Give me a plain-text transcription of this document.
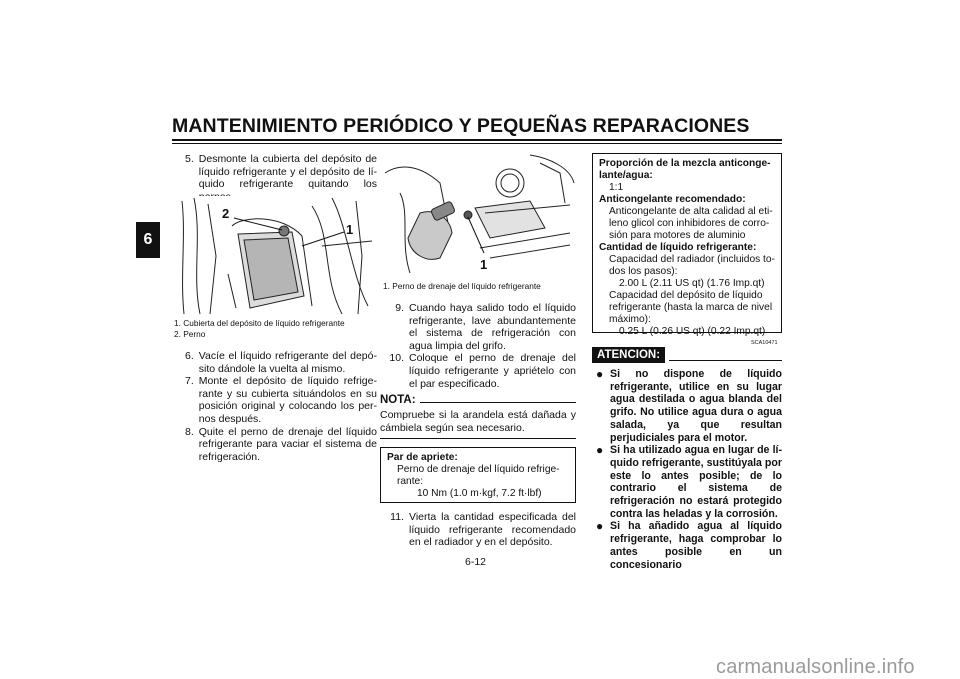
MANTENIMIENTO PERIÓDICO Y PEQUEÑAS REPARACIONES
6
5. Desmonte la cubierta del depósito de líquido refrigerante y el depósito de líquido refrigerante quitando los
2
1
1. Cubierta del depósito de líquido refrigerante
2. Perno
6. Vacíe el líquido refrigerante del depósito dándole la vuelta al mismo.
7. Monte el depósito de líquido refrigerante y su cubierta situándolos en su posición original y colocando los pernos después.
8. Quite el perno de drenaje del líquido refrigerante para vaciar el sistema de refrigeración.
1
1. Perno de drenaje del líquido refrigerante
9. Cuando haya salido todo el líquido refrigerante, lave abundantemente el sistema de refrigeración con agua limpia del grifo.
10. Coloque el perno de drenaje del líquido refrigerante y apriételo con el par especificado.
NOTA:
Compruebe si la arandela está dañada y cámbiela según sea necesario.
Par de apriete:
Perno de drenaje del líquido refrigerante:
10 Nm (1.0 m·kgf, 7.2 ft·lbf)
11. Vierta la cantidad especificada del líquido refrigerante recomendado en el radiador y en el depósito.
Proporción de la mezcla anticongelante/agua:
1:1
Anticongelante recomendado:
Anticongelante de alta calidad al etileno glicol con inhibidores de corrosión para motores de aluminio
Cantidad de líquido refrigerante:
Capacidad del radiador (incluidos todos los pasos):
2.00 L (2.11 US qt) (1.76 Imp.qt)
Capacidad del depósito de líquido refrigerante (hasta la marca de nivel máximo):
0.25 L (0.26 US qt) (0.22 Imp.qt)
SCA10471
ATENCION:
● Si no dispone de líquido refrigerante, utilice en su lugar agua destilada o agua blanda del grifo. No utilice agua dura o agua salada, ya que resultan perjudiciales para el motor.
● Si ha utilizado agua en lugar de líquido refrigerante, sustitúyala por este lo antes posible; de lo contrario el sistema de refrigeración no estará protegido contra las heladas y la corrosión.
● Si ha añadido agua al líquido refrigerante, haga comprobar lo antes posible en un concesionario
6-12
carmanualsonline.info
